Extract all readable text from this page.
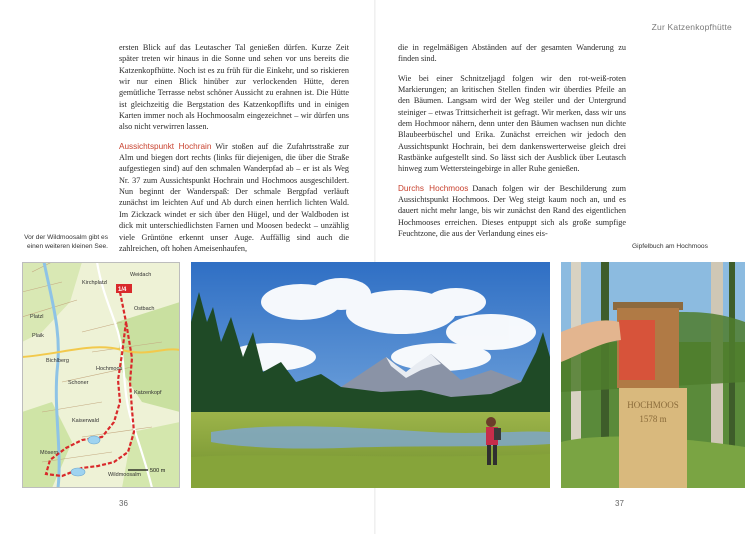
Zur Katzenkopfhütte

ersten Blick auf das Leutascher Tal genießen dürfen. Kurze Zeit später treten wir hinaus in die Sonne und sehen vor uns bereits die Katzenkopfhütte. Noch ist es zu früh für die Einkehr, und so riskieren wir nur einen Blick hinüber zur verlockenden Hütte, deren gemütliche Terrasse nebst schöner Aussicht zu erahnen ist. Die Hütte ist gleichzeitig die Bergstation des Katzenkopflifts und in einigen Karten immer noch als Hochmoosalm eingezeichnet – wir dürfen uns also nicht verwirren lassen.

Aussichtspunkt Hochrain Wir stoßen auf die Zufahrtsstraße zur Alm und biegen dort rechts (links für diejenigen, die über die Straße aufgestiegen sind) auf den schmalen Wanderpfad ab – er ist als Weg Nr. 37 zum Aussichtspunkt Hochrain und Hochmoos ausgeschildert. Nun beginnt der Wanderspaß: Der schmale Bergpfad verläuft zunächst im leichten Auf und Ab durch einen herrlich lichten Wald. Im Zickzack windet er sich über den Hügel, und der Waldboden ist dick mit unterschiedlichsten Farnen und Moosen bedeckt – unzählig viele Grüntöne erkennt unser Auge. Auffällig sind auch die zahlreichen, oft hohen Ameisenhaufen,

die in regelmäßigen Abständen auf der gesamten Wanderung zu finden sind.

Wie bei einer Schnitzeljagd folgen wir den rot-weiß-roten Markierungen; an kritischen Stellen finden wir überdies Pfeile an den Bäumen. Langsam wird der Weg steiler und der Untergrund steiniger – etwas Trittsicherheit ist gefragt. Wir merken, dass wir uns dem Hochmoor nähern, denn unter den Bäumen wachsen nun dichte Blaubeerbüschel und Erika. Zunächst erreichen wir jedoch den Aussichtspunkt Hochrain, bei dem dankenswerterweise gleich drei Rastbänke aufgestellt sind. So lässt sich der Ausblick über Leutasch hinweg zum Wettersteingebirge in aller Ruhe genießen.

Durchs Hochmoos Danach folgen wir der Beschilderung zum Aussichtspunkt Hochmoos. Der Weg steigt kaum noch an, und es dauert nicht mehr lange, bis wir zunächst den Rand des eigentlichen Hochmooses erreichen. Dieses entpuppt sich als große sumpfige Feuchtzone, die aus der Verlandung eines eis-

Vor der Wildmoosalm gibt es einen weiteren kleinen See.	Gipfelbuch am Hochmoos
Weidach
Kirchplatzl
Ostbach
Platzl
Plaik
Bichlberg
Schoner
Hochmoos
Kaiserwald
Katzenkopf
Mösern
Wildmoosalm
1/4
500 m
HOCHMOOS
1578 m
36	37
